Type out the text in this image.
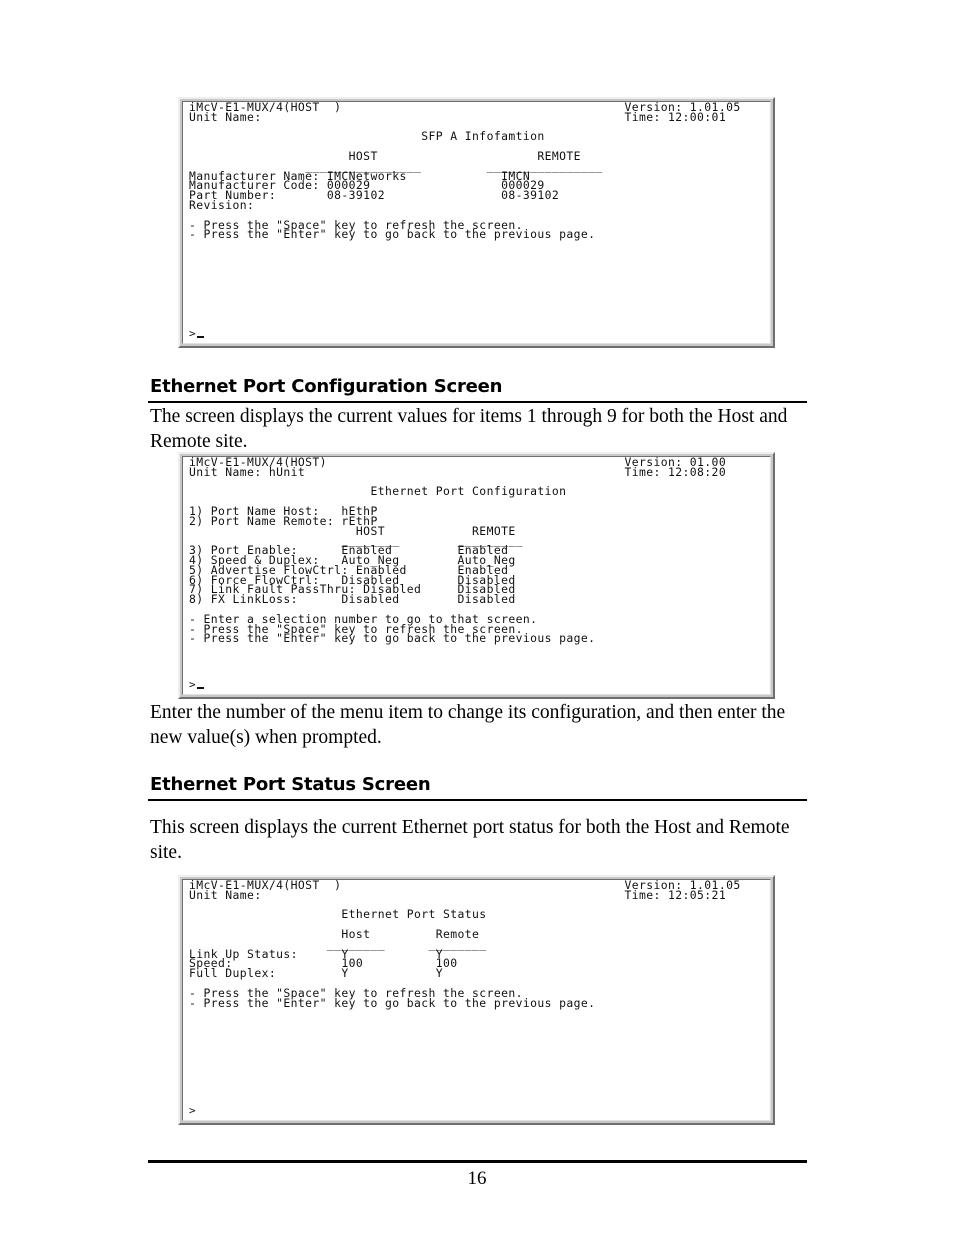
iMcV-E1-MUX/4(HOST  )                                       Version: 1.01.05
Unit Name:                                                  Time: 12:00:01

SFP A Infofamtion

HOST                      REMOTE
________________         ________________
Manufacturer Name: IMCNetworks             IMCN
Manufacturer Code: 000029                  000029
Part Number:       08-39102                08-39102
Revision:

- Press the "Space" key to refresh the screen.
- Press the "Enter" key to go back to the previous page.
>
Ethernet Port Configuration Screen
The screen displays the current values for items 1 through 9 for both the Host and
Remote site.
iMcV-E1-MUX/4(HOST)                                         Version: 01.00
Unit Name: hUnit                                            Time: 12:08:20

Ethernet Port Configuration

1) Port Name Host:   hEthP
2) Port Name Remote: rEthP
HOST            REMOTE
________        _________
3) Port Enable:      Enabled         Enabled
4) Speed & Duplex:   Auto_Neg        Auto_Neg
5) Advertise FlowCtrl: Enabled       Enabled
6) Force FlowCtrl:   Disabled        Disabled
7) Link Fault PassThru: Disabled     Disabled
8) FX LinkLoss:      Disabled        Disabled

- Enter a selection number to go to that screen.
- Press the "Space" key to refresh the screen.
- Press the "Enter" key to go back to the previous page.
>
Enter the number of the menu item to change its configuration, and then enter the
new value(s) when prompted.
Ethernet Port Status Screen
This screen displays the current Ethernet port status for both the Host and Remote
site.
iMcV-E1-MUX/4(HOST  )                                       Version: 1.01.05
Unit Name:                                                  Time: 12:05:21

Ethernet Port Status

Host         Remote
________      ________
Link Up Status:      Y            Y
Speed:               100          100
Full Duplex:         Y            Y

- Press the "Space" key to refresh the screen.
- Press the "Enter" key to go back to the previous page.
>
16
